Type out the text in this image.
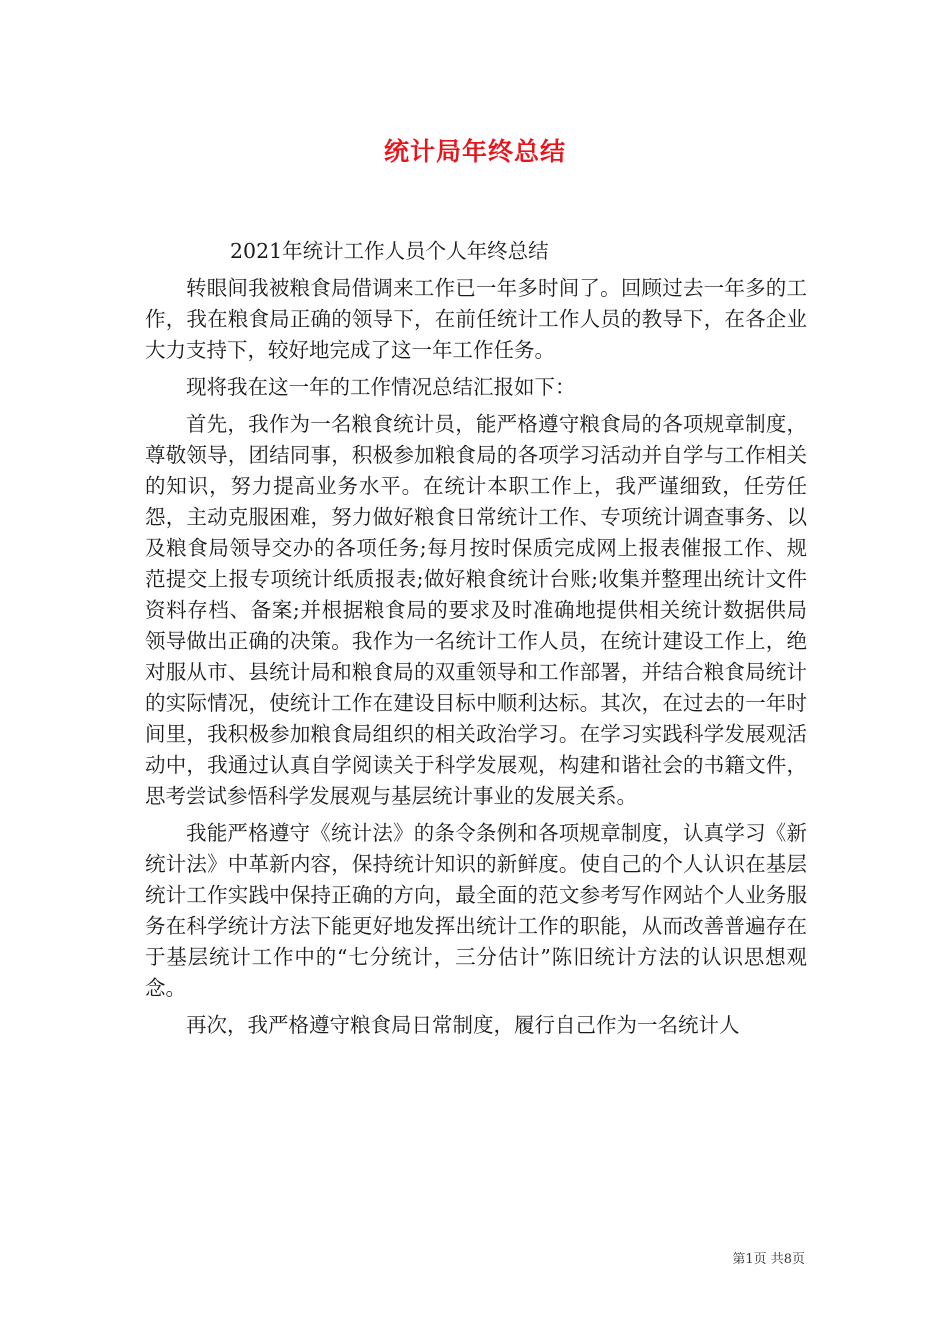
统计局年终总结

2021年统计工作人员个人年终总结

转眼间我被粮食局借调来工作已一年多时间了。回顾过去一年多的工作，我在粮食局正确的领导下，在前任统计工作人员的教导下，在各企业大力支持下，较好地完成了这一年工作任务。

现将我在这一年的工作情况总结汇报如下：

首先，我作为一名粮食统计员，能严格遵守粮食局的各项规章制度，尊敬领导，团结同事，积极参加粮食局的各项学习活动并自学与工作相关的知识，努力提高业务水平。在统计本职工作上，我严谨细致，任劳任怨，主动克服困难，努力做好粮食日常统计工作、专项统计调查事务、以及粮食局领导交办的各项任务;每月按时保质完成网上报表催报工作、规范提交上报专项统计纸质报表;做好粮食统计台账;收集并整理出统计文件资料存档、备案;并根据粮食局的要求及时准确地提供相关统计数据供局领导做出正确的决策。我作为一名统计工作人员，在统计建设工作上，绝对服从市、县统计局和粮食局的双重领导和工作部署，并结合粮食局统计的实际情况，使统计工作在建设目标中顺利达标。其次，在过去的一年时间里，我积极参加粮食局组织的相关政治学习。在学习实践科学发展观活动中，我通过认真自学阅读关于科学发展观，构建和谐社会的书籍文件，思考尝试参悟科学发展观与基层统计事业的发展关系。

我能严格遵守《统计法》的条令条例和各项规章制度，认真学习《新统计法》中革新内容，保持统计知识的新鲜度。使自己的个人认识在基层统计工作实践中保持正确的方向，最全面的范文参考写作网站个人业务服务在科学统计方法下能更好地发挥出统计工作的职能，从而改善普遍存在于基层统计工作中的“七分统计，三分估计”陈旧统计方法的认识思想观念。

再次，我严格遵守粮食局日常制度，履行自己作为一名统计人

第1页 共8页
